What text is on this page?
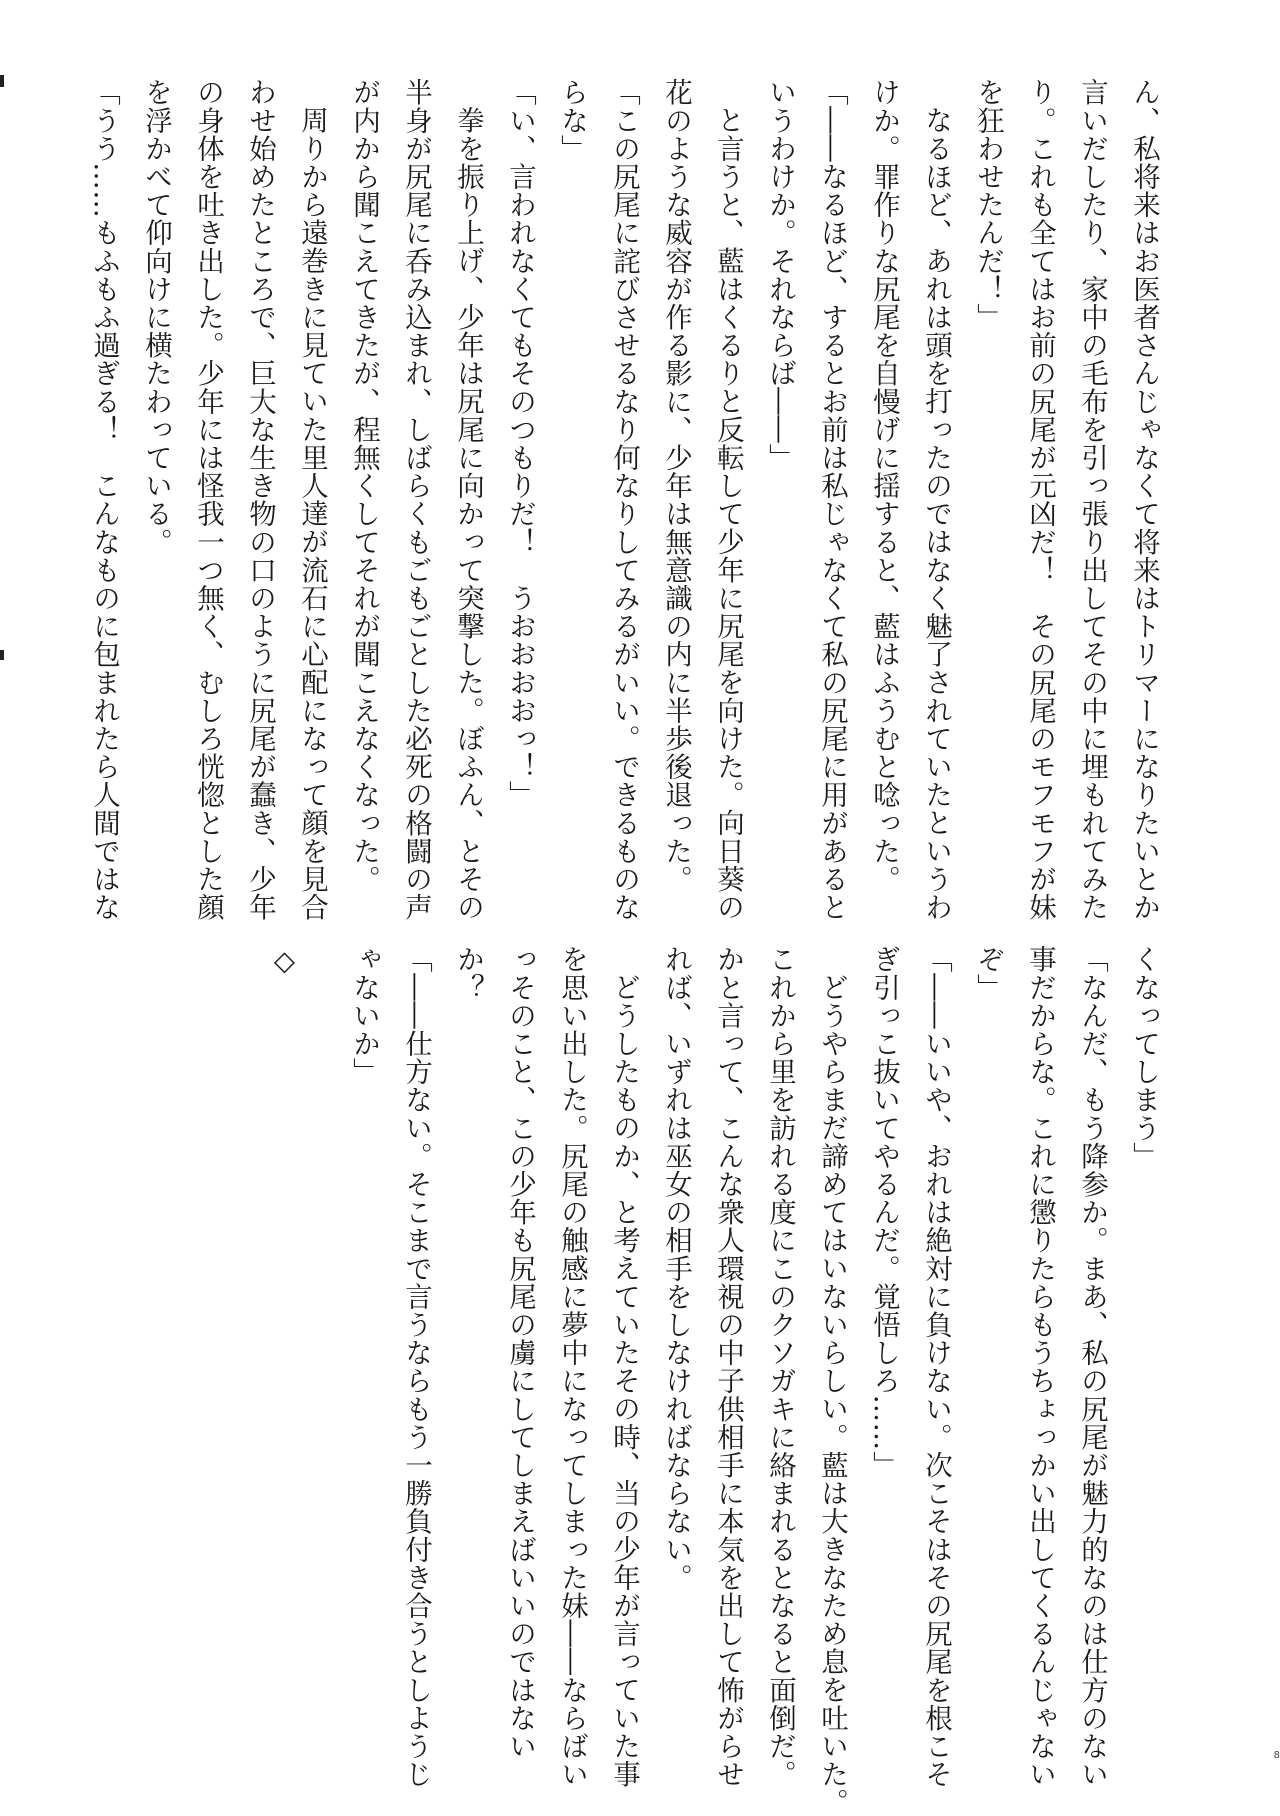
ん、私将来はお医者さんじゃなくて将来はトリマーになりたいとか

言いだしたり、家中の毛布を引っ張り出してその中に埋もれてみた

り。これも全てはお前の尻尾が元凶だ！　その尻尾のモフモフが妹

を狂わせたんだ！」

なるほど、あれは頭を打ったのではなく魅了されていたというわ

けか。罪作りな尻尾を自慢げに揺すると、藍はふうむと唸った。

「――なるほど、するとお前は私じゃなくて私の尻尾に用があると

いうわけか。それならば――」

と言うと、藍はくるりと反転して少年に尻尾を向けた。向日葵の

花のような威容が作る影に、少年は無意識の内に半歩後退った。

「この尻尾に詫びさせるなり何なりしてみるがいい。できるものな

らな」

「い、言われなくてもそのつもりだ！　うおおおおっ！」

拳を振り上げ、少年は尻尾に向かって突撃した。ぼふん、とその

半身が尻尾に呑み込まれ、しばらくもごもごとした必死の格闘の声

が内から聞こえてきたが、程無くしてそれが聞こえなくなった。

周りから遠巻きに見ていた里人達が流石に心配になって顔を見合

わせ始めたところで、巨大な生き物の口のように尻尾が蠢き、少年

の身体を吐き出した。少年には怪我一つ無く、むしろ恍惚とした顔

を浮かべて仰向けに横たわっている。

「うう……もふもふ過ぎる！　こんなものに包まれたら人間ではな

くなってしまう」

「なんだ、もう降参か。まあ、私の尻尾が魅力的なのは仕方のない

事だからな。これに懲りたらもうちょっかい出してくるんじゃない

ぞ」

「――いいや、おれは絶対に負けない。次こそはその尻尾を根こそ

ぎ引っこ抜いてやるんだ。覚悟しろ……」

どうやらまだ諦めてはいないらしい。藍は大きなため息を吐いた。

これから里を訪れる度にこのクソガキに絡まれるとなると面倒だ。

かと言って、こんな衆人環視の中子供相手に本気を出して怖がらせ

れば、いずれは巫女の相手をしなければならない。

どうしたものか、と考えていたその時、当の少年が言っていた事

を思い出した。尻尾の触感に夢中になってしまった妹――ならばい

っそのこと、この少年も尻尾の虜にしてしまえばいいのではない

か？

「――仕方ない。そこまで言うならもう一勝負付き合うとしようじ

ゃないか」

◇

8
